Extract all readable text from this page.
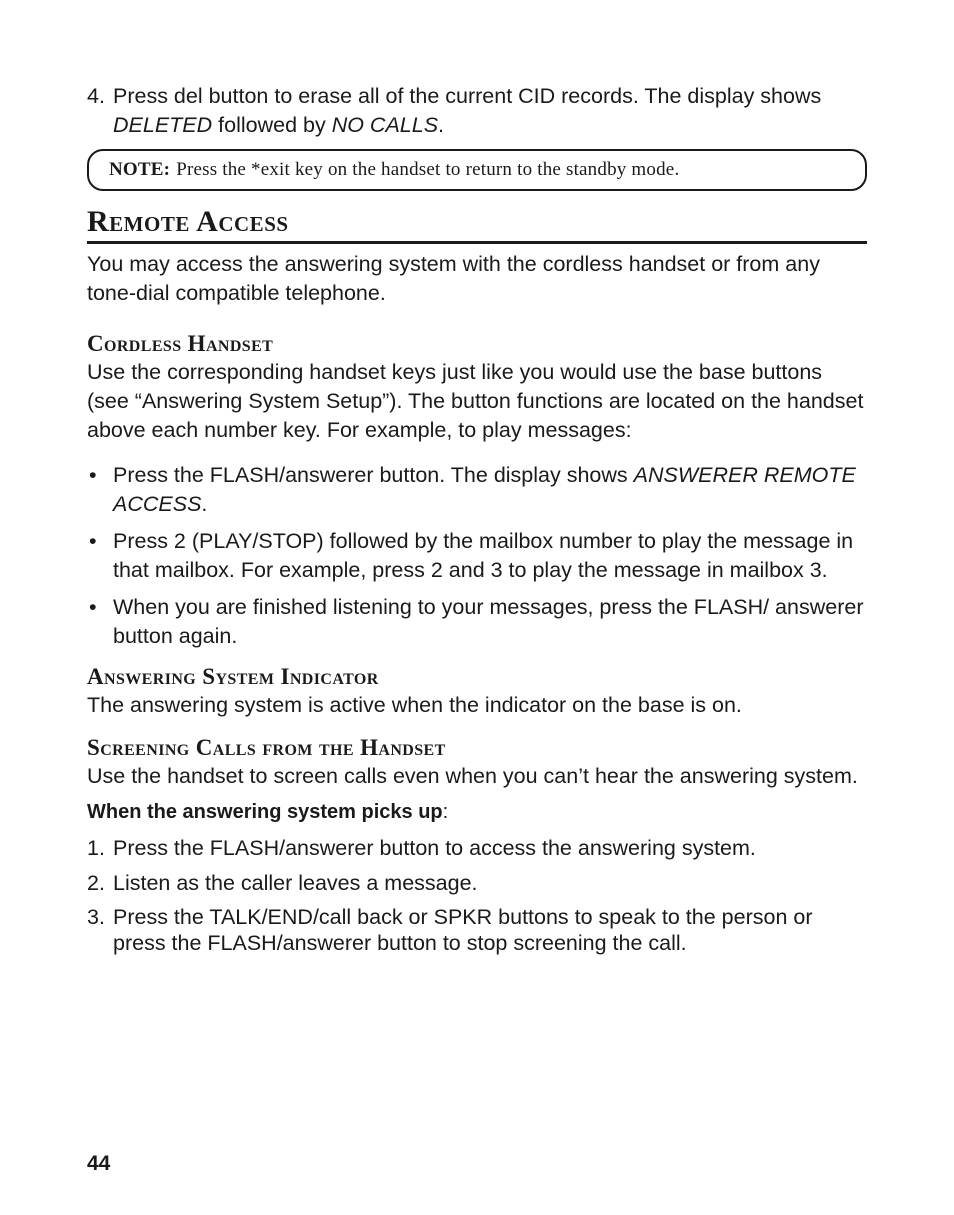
4. Press del button to erase all of the current CID records. The display shows DELETED followed by NO CALLS.
NOTE: Press the *exit key on the handset to return to the standby mode.
Remote Access

You may access the answering system with the cordless handset or from any tone-dial compatible telephone.

Cordless Handset

Use the corresponding handset keys just like you would use the base buttons (see “Answering System Setup”). The button functions are located on the handset above each number key. For example, to play messages:

• Press the FLASH/answerer button. The display shows ANSWERER REMOTE ACCESS.
• Press 2 (PLAY/STOP) followed by the mailbox number to play the message in that mailbox. For example, press 2 and 3 to play the message in mailbox 3.
• When you are finished listening to your messages, press the FLASH/ answerer button again.
Answering System Indicator

The answering system is active when the indicator on the base is on.

Screening Calls from the Handset

Use the handset to screen calls even when you can’t hear the answering system.

When the answering system picks up:
1. Press the FLASH/answerer button to access the answering system.
2. Listen as the caller leaves a message.
3. Press the TALK/END/call back or SPKR buttons to speak to the person or press the FLASH/answerer button to stop screening the call.
44
